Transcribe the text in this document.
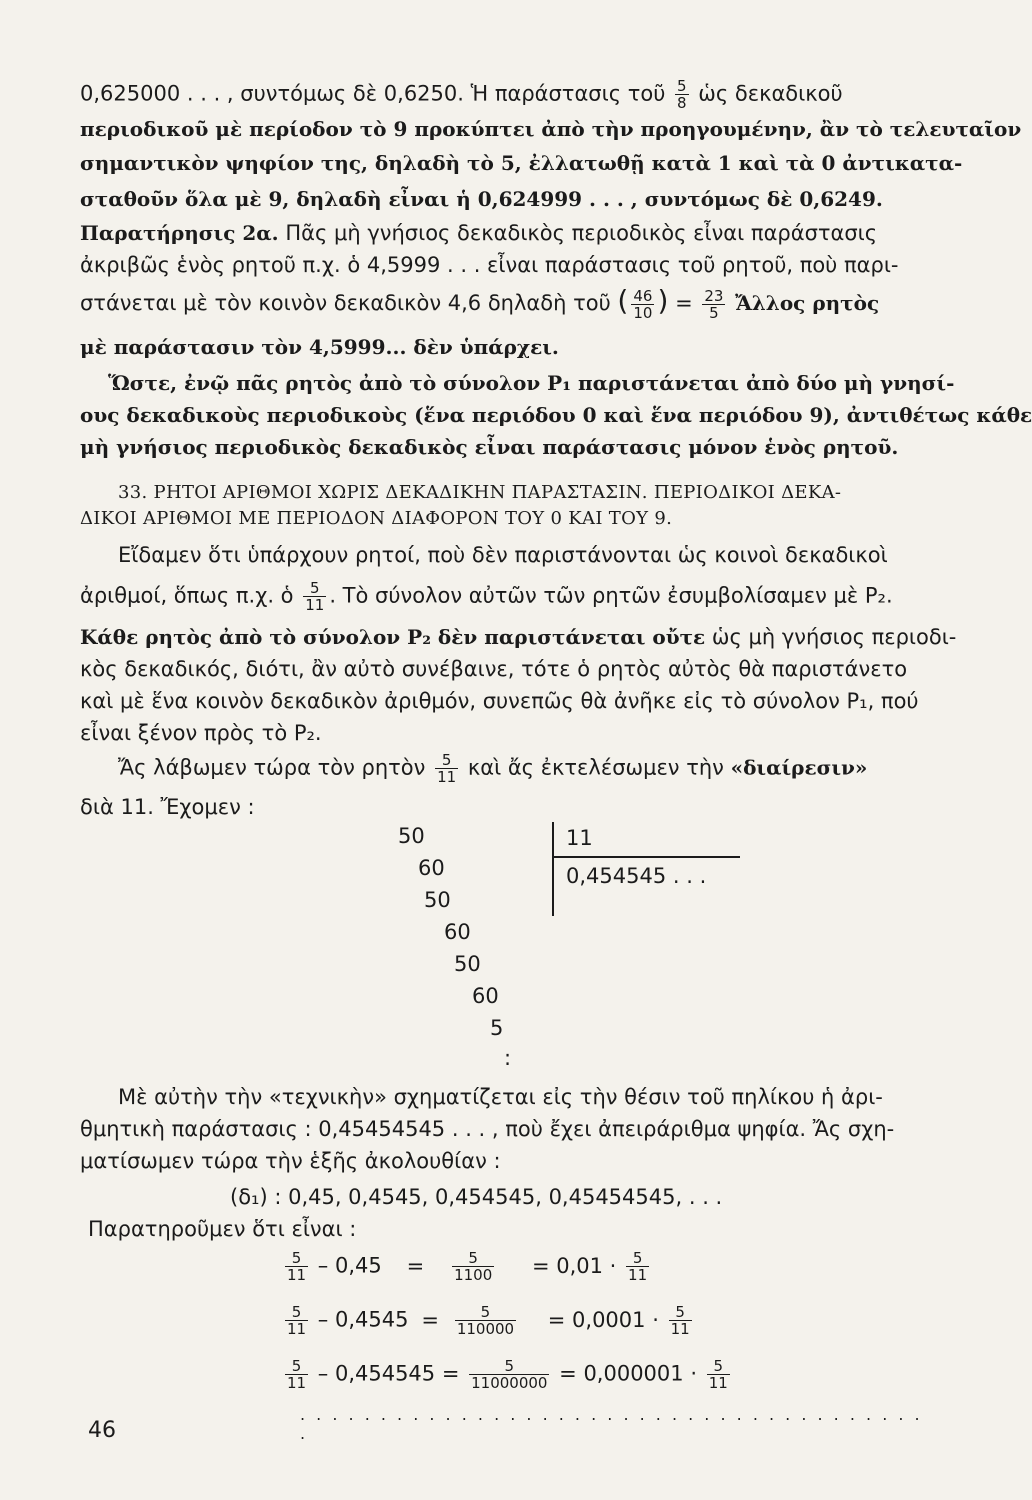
0,625000 . . . , συντόμως δὲ 0,6250. Ἡ παράστασις τοῦ $\frac{5}{8}$ ὡς δεκαδικοῦ
περιοδικοῦ μὲ περίοδον τὸ 9 προκύπτει ἀπὸ τὴν προηγουμένην, ἂν τὸ τελευταῖον
σημαντικὸν ψηφίον της, δηλαδὴ τὸ 5, ἐλλατωθῇ κατὰ 1 καὶ τὰ 0 ἀντικατα-
σταθοῦν ὅλα μὲ 9, δηλαδὴ εἶναι ἡ 0,624999 . . . , συντόμως δὲ 0,6249.
Παρατήρησις 2α. Πᾶς μὴ γνήσιος δεκαδικὸς περιοδικὸς εἶναι παράστασις
ἀκριβῶς ἑνὸς ρητοῦ π.χ. ὁ 4,5999 . . . εἶναι παράστασις τοῦ ρητοῦ, ποὺ παρι-
στάνεται μὲ τὸν κοινὸν δεκαδικὸν 4,6 δηλαδὴ τοῦ ( $\frac{46}{10}$ ) = $\frac{23}{5}$ Ἄλλος ρητὸς
μὲ παράστασιν τὸν 4,5999... δὲν ὑπάρχει.
Ὥστε, ἐνῷ πᾶς ρητὸς ἀπὸ τὸ σύνολον Ρ₁ παριστάνεται ἀπὸ δύο μὴ γνησί-
ους δεκαδικοὺς περιοδικοὺς (ἕνα περιόδου 0 καὶ ἕνα περιόδου 9), ἀντιθέτως κάθε
μὴ γνήσιος περιοδικὸς δεκαδικὸς εἶναι παράστασις μόνον ἑνὸς ρητοῦ.
33. ΡΗΤΟΙ ΑΡΙΘΜΟΙ ΧΩΡΙΣ ΔΕΚΑΔΙΚΗΝ ΠΑΡΑΣΤΑΣΙΝ. ΠΕΡΙΟΔΙΚΟΙ ΔΕΚΑ-
ΔΙΚΟΙ ΑΡΙΘΜΟΙ ΜΕ ΠΕΡΙΟΔΟΝ ΔΙΑΦΟΡΟΝ ΤΟΥ 0 ΚΑΙ ΤΟΥ 9.
Εἴδαμεν ὅτι ὑπάρχουν ρητοί, ποὺ δὲν παριστάνονται ὡς κοινοὶ δεκαδικοὶ
ἀριθμοί, ὅπως π.χ. ὁ $\frac{5}{11}$ . Τὸ σύνολον αὐτῶν τῶν ρητῶν ἐσυμβολίσαμεν μὲ Ρ₂.
Κάθε ρητὸς ἀπὸ τὸ σύνολον Ρ₂ δὲν παριστάνεται οὔτε ὡς μὴ γνήσιος περιοδι-
κὸς δεκαδικός, διότι, ἂν αὐτὸ συνέβαινε, τότε ὁ ρητὸς αὐτὸς θὰ παριστάνετο
καὶ μὲ ἕνα κοινὸν δεκαδικὸν ἀριθμόν, συνεπῶς θὰ ἀνῆκε εἰς τὸ σύνολον Ρ₁, πού
εἶναι ξένον πρὸς τὸ Ρ₂.
Ἄς λάβωμεν τώρα τὸν ρητὸν $\frac{5}{11}$ καὶ ἄς ἐκτελέσωμεν τὴν «διαίρεσιν»
διὰ 11. Ἔχομεν :
50
60
50
60
50
60
5
:
11
0,454545 . . .
Μὲ αὐτὴν τὴν «τεχνικὴν» σχηματίζεται εἰς τὴν θέσιν τοῦ πηλίκου ἡ ἀρι-
θμητικὴ παράστασις : 0,45454545 . . . , ποὺ ἔχει ἀπειράριθμα ψηφία. Ἄς σχη-
ματίσωμεν τώρα τὴν ἑξῆς ἀκολουθίαν :
(δ₁) : 0,45, 0,4545, 0,454545, 0,45454545, . . .
Παρατηροῦμεν ὅτι εἶναι :
$\frac{5}{11} - 0,45 = \frac{5}{1100} = 0,01 \cdot \frac{5}{11}$
$\frac{5}{11} - 0,4545 = \frac{5}{110000} = 0,0001 \cdot \frac{5}{11}$
$\frac{5}{11} - 0,454545 = \frac{5}{11000000} = 0,000001 \cdot \frac{5}{11}$
. . . . . . . . . . . . . . . . . . . . . . . . . . . . . . . . . . . . . . . .
46
